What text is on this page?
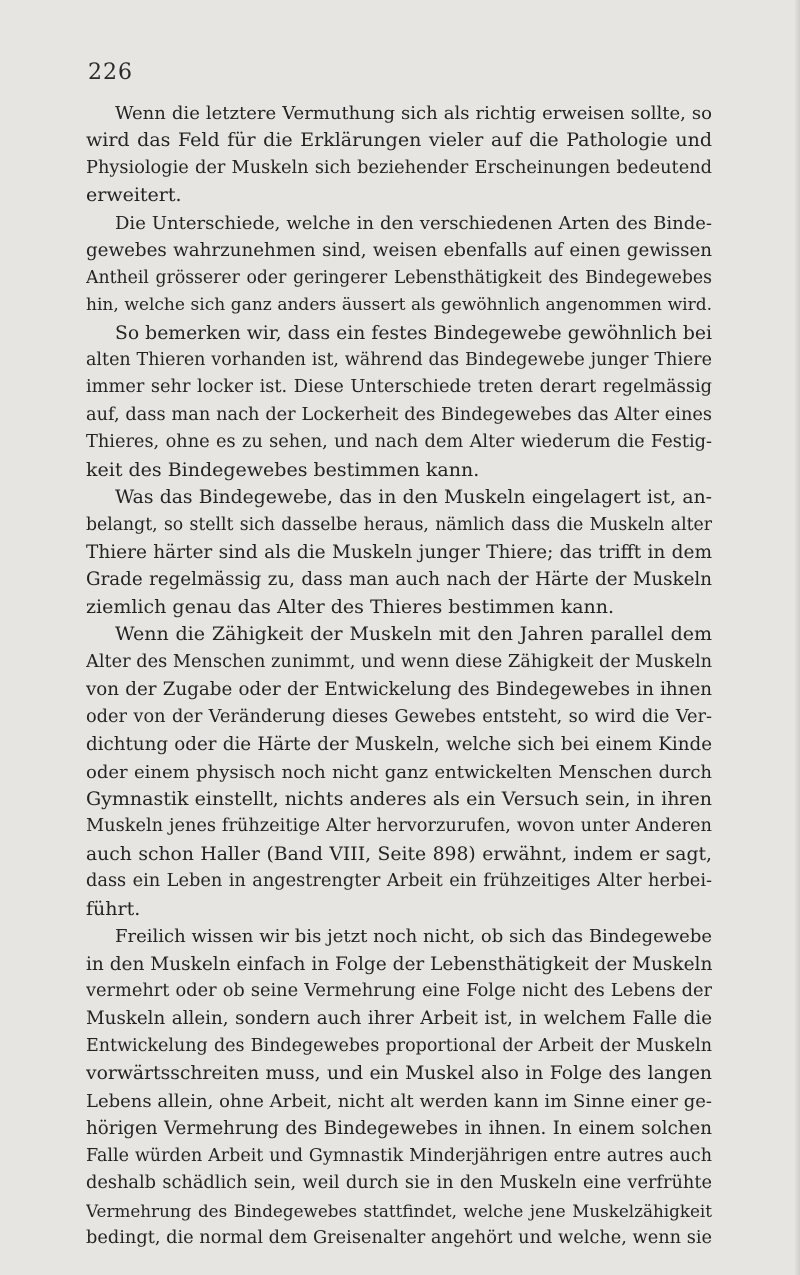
226
Wenn die letztere Vermuthung sich als richtig erweisen sollte, so
wird das Feld für die Erklärungen vieler auf die Pathologie und
Physiologie der Muskeln sich beziehender Erscheinungen bedeutend
erweitert.
Die Unterschiede, welche in den verschiedenen Arten des Binde-
gewebes wahrzunehmen sind, weisen ebenfalls auf einen gewissen
Antheil grösserer oder geringerer Lebensthätigkeit des Bindegewebes
hin, welche sich ganz anders äussert als gewöhnlich angenommen wird.
So bemerken wir, dass ein festes Bindegewebe gewöhnlich bei
alten Thieren vorhanden ist, während das Bindegewebe junger Thiere
immer sehr locker ist. Diese Unterschiede treten derart regelmässig
auf, dass man nach der Lockerheit des Bindegewebes das Alter eines
Thieres, ohne es zu sehen, und nach dem Alter wiederum die Festig-
keit des Bindegewebes bestimmen kann.
Was das Bindegewebe, das in den Muskeln eingelagert ist, an-
belangt, so stellt sich dasselbe heraus, nämlich dass die Muskeln alter
Thiere härter sind als die Muskeln junger Thiere; das trifft in dem
Grade regelmässig zu, dass man auch nach der Härte der Muskeln
ziemlich genau das Alter des Thieres bestimmen kann.
Wenn die Zähigkeit der Muskeln mit den Jahren parallel dem
Alter des Menschen zunimmt, und wenn diese Zähigkeit der Muskeln
von der Zugabe oder der Entwickelung des Bindegewebes in ihnen
oder von der Veränderung dieses Gewebes entsteht, so wird die Ver-
dichtung oder die Härte der Muskeln, welche sich bei einem Kinde
oder einem physisch noch nicht ganz entwickelten Menschen durch
Gymnastik einstellt, nichts anderes als ein Versuch sein, in ihren
Muskeln jenes frühzeitige Alter hervorzurufen, wovon unter Anderen
auch schon Haller (Band VIII, Seite 898) erwähnt, indem er sagt,
dass ein Leben in angestrengter Arbeit ein frühzeitiges Alter herbei-
führt.
Freilich wissen wir bis jetzt noch nicht, ob sich das Bindegewebe
in den Muskeln einfach in Folge der Lebensthätigkeit der Muskeln
vermehrt oder ob seine Vermehrung eine Folge nicht des Lebens der
Muskeln allein, sondern auch ihrer Arbeit ist, in welchem Falle die
Entwickelung des Bindegewebes proportional der Arbeit der Muskeln
vorwärtsschreiten muss, und ein Muskel also in Folge des langen
Lebens allein, ohne Arbeit, nicht alt werden kann im Sinne einer ge-
hörigen Vermehrung des Bindegewebes in ihnen. In einem solchen
Falle würden Arbeit und Gymnastik Minderjährigen entre autres auch
deshalb schädlich sein, weil durch sie in den Muskeln eine verfrühte
Vermehrung des Bindegewebes stattfindet, welche jene Muskelzähigkeit
bedingt, die normal dem Greisenalter angehört und welche, wenn sie
